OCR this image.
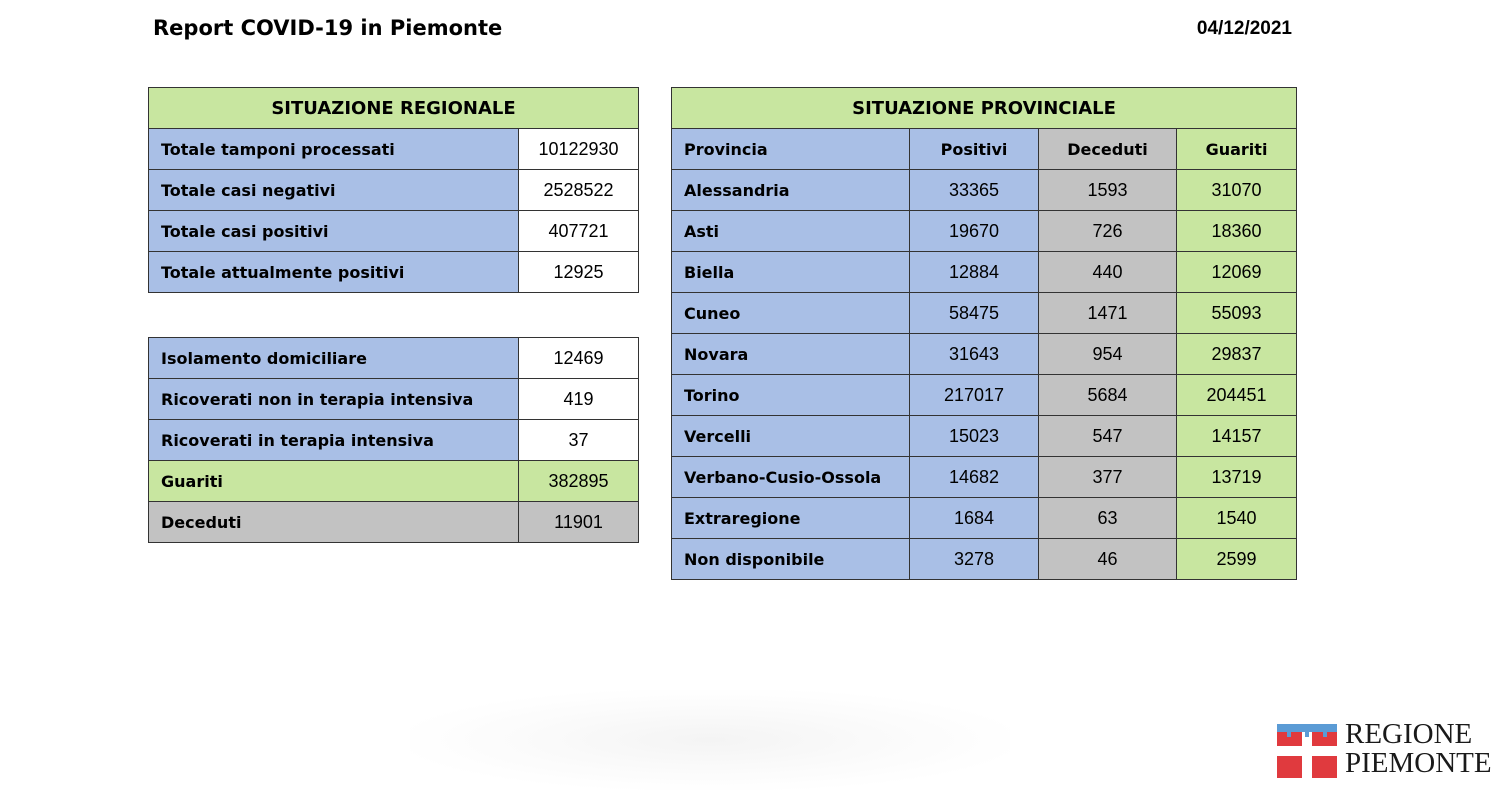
Report COVID-19 in Piemonte	04/12/2021
SITUAZIONE REGIONALE	
Totale tamponi processati	10122930
Totale casi negativi	2528522
Totale casi positivi	407721
Totale attualmente positivi	12925
Isolamento domiciliare	12469
Ricoverati non in terapia intensiva	419
Ricoverati in terapia intensiva	37
Guariti	382895
Deceduti	11901
SITUAZIONE PROVINCIALE			
Provincia	Positivi	Deceduti	Guariti
Alessandria	33365	1593	31070
Asti	19670	726	18360
Biella	12884	440	12069
Cuneo	58475	1471	55093
Novara	31643	954	29837
Torino	217017	5684	204451
Vercelli	15023	547	14157
Verbano-Cusio-Ossola	14682	377	13719
Extraregione	1684	63	1540
Non disponibile	3278	46	2599
REGIONE
PIEMONTE
